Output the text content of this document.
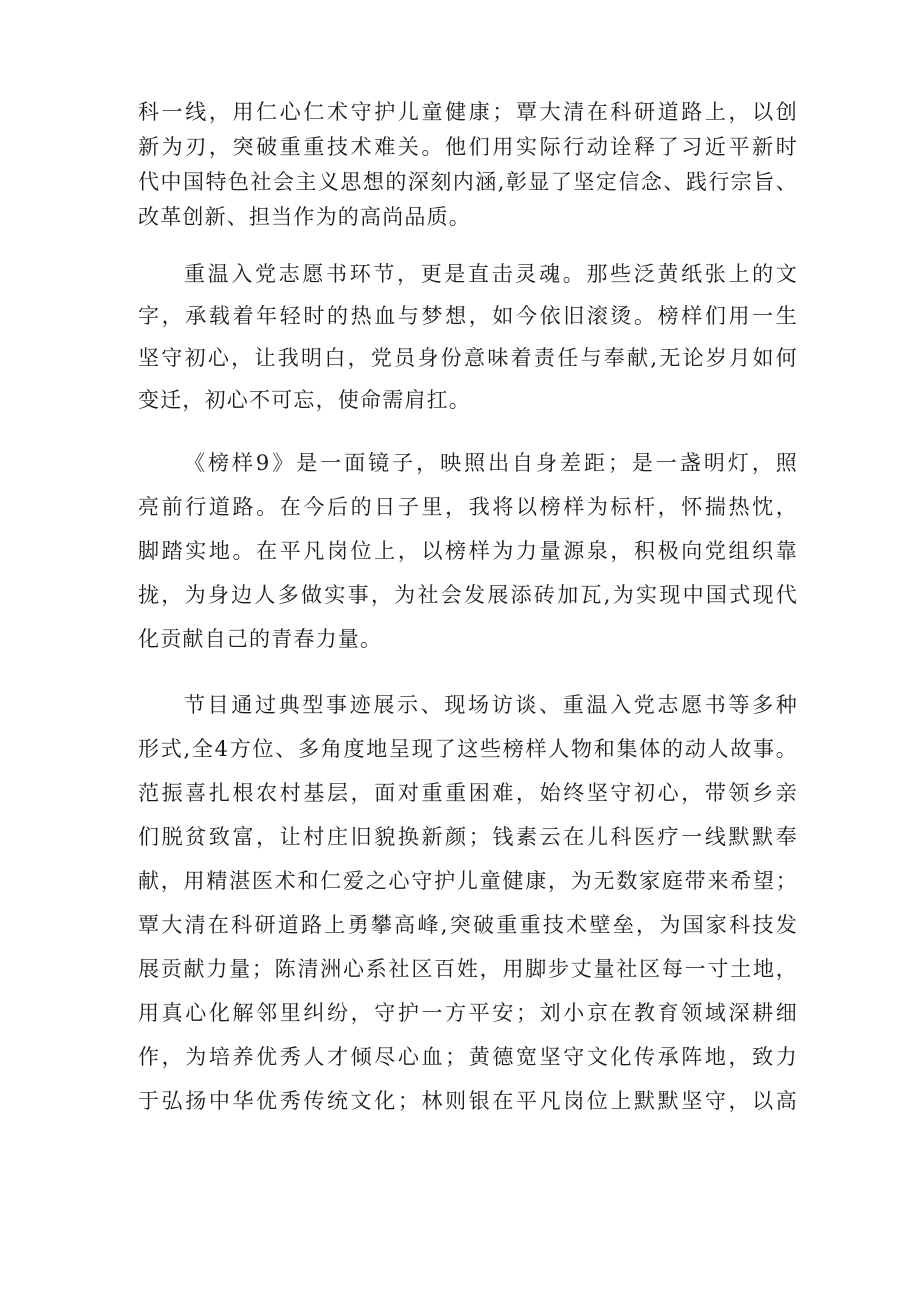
科一线，用仁心仁术守护儿童健康；覃大清在科研道路上，以创
新为刃，突破重重技术难关。他们用实际行动诠释了习近平新时
代中国特色社会主义思想的深刻内涵,彰显了坚定信念、践行宗旨、
改革创新、担当作为的高尚品质。
重温入党志愿书环节，更是直击灵魂。那些泛黄纸张上的文
字，承载着年轻时的热血与梦想，如今依旧滚烫。榜样们用一生
坚守初心，让我明白，党员身份意味着责任与奉献,无论岁月如何
变迁，初心不可忘，使命需肩扛。
《榜样9》是一面镜子，映照出自身差距；是一盏明灯，照
亮前行道路。在今后的日子里，我将以榜样为标杆，怀揣热忱，
脚踏实地。在平凡岗位上，以榜样为力量源泉，积极向党组织靠
拢，为身边人多做实事，为社会发展添砖加瓦,为实现中国式现代
化贡献自己的青春力量。
节目通过典型事迹展示、现场访谈、重温入党志愿书等多种
形式,全4方位、多角度地呈现了这些榜样人物和集体的动人故事。
范振喜扎根农村基层，面对重重困难，始终坚守初心，带领乡亲
们脱贫致富，让村庄旧貌换新颜；钱素云在儿科医疗一线默默奉
献，用精湛医术和仁爱之心守护儿童健康，为无数家庭带来希望；
覃大清在科研道路上勇攀高峰,突破重重技术壁垒，为国家科技发
展贡献力量；陈清洲心系社区百姓，用脚步丈量社区每一寸土地，
用真心化解邻里纠纷，守护一方平安；刘小京在教育领域深耕细
作，为培养优秀人才倾尽心血；黄德宽坚守文化传承阵地，致力
于弘扬中华优秀传统文化；林则银在平凡岗位上默默坚守，以高
